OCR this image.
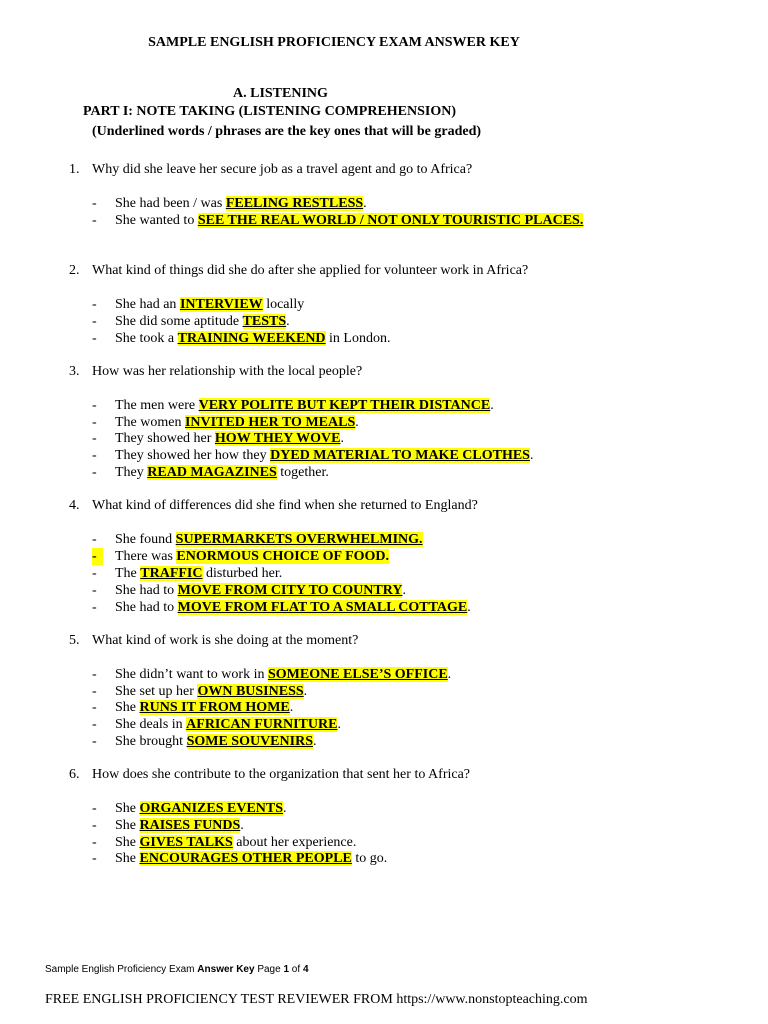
SAMPLE ENGLISH PROFICIENCY EXAM ANSWER KEY
A. LISTENING
PART I: NOTE TAKING (LISTENING COMPREHENSION)
(Underlined words / phrases are the key ones that will be graded)
1. Why did she leave her secure job as a travel agent and go to Africa?
- She had been / was FEELING RESTLESS.
- She wanted to SEE THE REAL WORLD / NOT ONLY TOURISTIC PLACES.
2. What kind of things did she do after she applied for volunteer work in Africa?
- She had an INTERVIEW locally
- She did some aptitude TESTS.
- She took a TRAINING WEEKEND in London.
3. How was her relationship with the local people?
- The men were VERY POLITE BUT KEPT THEIR DISTANCE.
- The women INVITED HER TO MEALS.
- They showed her HOW THEY WOVE.
- They showed her how they DYED MATERIAL TO MAKE CLOTHES.
- They READ MAGAZINES together.
4. What kind of differences did she find when she returned to England?
- She found SUPERMARKETS OVERWHELMING.
- There was ENORMOUS CHOICE OF FOOD.
- The TRAFFIC disturbed her.
- She had to MOVE FROM CITY TO COUNTRY.
- She had to MOVE FROM FLAT TO A SMALL COTTAGE.
5. What kind of work is she doing at the moment?
- She didn’t want to work in SOMEONE ELSE’S OFFICE.
- She set up her OWN BUSINESS.
- She RUNS IT FROM HOME.
- She deals in AFRICAN FURNITURE.
- She brought SOME SOUVENIRS.
6. How does she contribute to the organization that sent her to Africa?
- She ORGANIZES EVENTS.
- She RAISES FUNDS.
- She GIVES TALKS about her experience.
- She ENCOURAGES OTHER PEOPLE to go.
Sample English Proficiency Exam Answer Key Page 1 of 4
FREE ENGLISH PROFICIENCY TEST REVIEWER FROM https://www.nonstopteaching.com
